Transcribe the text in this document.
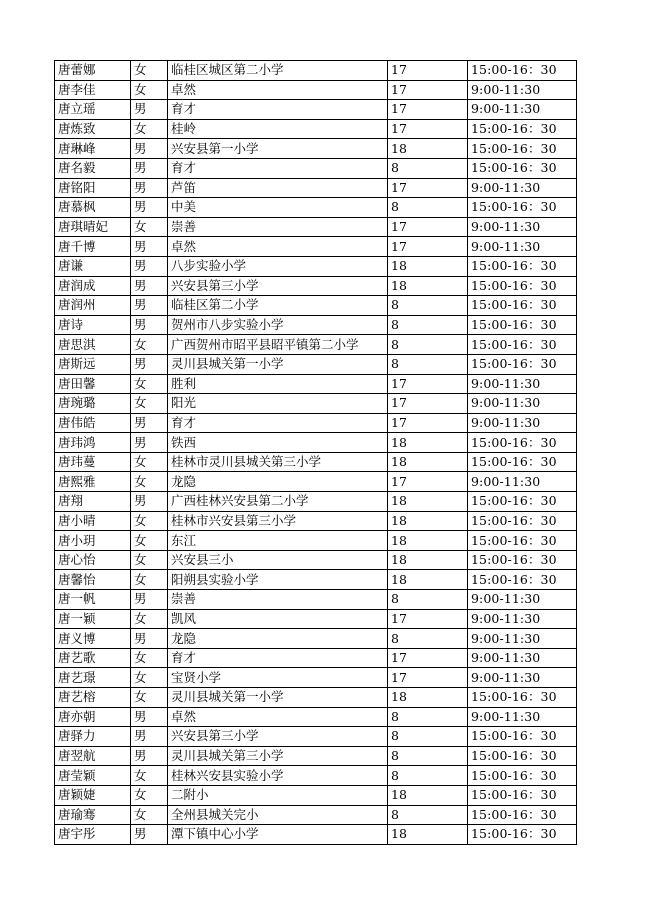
唐蕾娜	女	临桂区城区第二小学	17	15:00-16：30
唐李佳	女	卓然	17	9:00-11:30
唐立瑶	男	育才	17	9:00-11:30
唐炼致	女	桂岭	17	15:00-16：30
唐琳峰	男	兴安县第一小学	18	15:00-16：30
唐名毅	男	育才	8	15:00-16：30
唐铭阳	男	芦笛	17	9:00-11:30
唐慕枫	男	中美	8	15:00-16：30
唐琪晴妃	女	崇善	17	9:00-11:30
唐千博	男	卓然	17	9:00-11:30
唐谦	男	八步实验小学	18	15:00-16：30
唐润成	男	兴安县第三小学	18	15:00-16：30
唐润州	男	临桂区第二小学	8	15:00-16：30
唐诗	男	贺州市八步实验小学	8	15:00-16：30
唐思淇	女	广西贺州市昭平县昭平镇第二小学	8	15:00-16：30
唐斯远	男	灵川县城关第一小学	8	15:00-16：30
唐田馨	女	胜利	17	9:00-11:30
唐琬璐	女	阳光	17	9:00-11:30
唐伟皓	男	育才	17	9:00-11:30
唐玮鸿	男	铁西	18	15:00-16：30
唐玮蔓	女	桂林市灵川县城关第三小学	18	15:00-16：30
唐熙雅	女	龙隐	17	9:00-11:30
唐翔	男	广西桂林兴安县第二小学	18	15:00-16：30
唐小晴	女	桂林市兴安县第三小学	18	15:00-16：30
唐小玥	女	东江	18	15:00-16：30
唐心怡	女	兴安县三小	18	15:00-16：30
唐馨怡	女	阳朔县实验小学	18	15:00-16：30
唐一帆	男	崇善	8	9:00-11:30
唐一颖	女	凯风	17	9:00-11:30
唐义博	男	龙隐	8	9:00-11:30
唐艺歌	女	育才	17	9:00-11:30
唐艺璟	女	宝贤小学	17	9:00-11:30
唐艺榕	女	灵川县城关第一小学	18	15:00-16：30
唐亦朝	男	卓然	8	9:00-11:30
唐驿力	男	兴安县第三小学	8	15:00-16：30
唐翌航	男	灵川县城关第三小学	8	15:00-16：30
唐莹颖	女	桂林兴安县实验小学	8	15:00-16：30
唐颖婕	女	二附小	18	15:00-16：30
唐瑜骞	女	全州县城关完小	8	15:00-16：30
唐宇彤	男	潭下镇中心小学	18	15:00-16：30
